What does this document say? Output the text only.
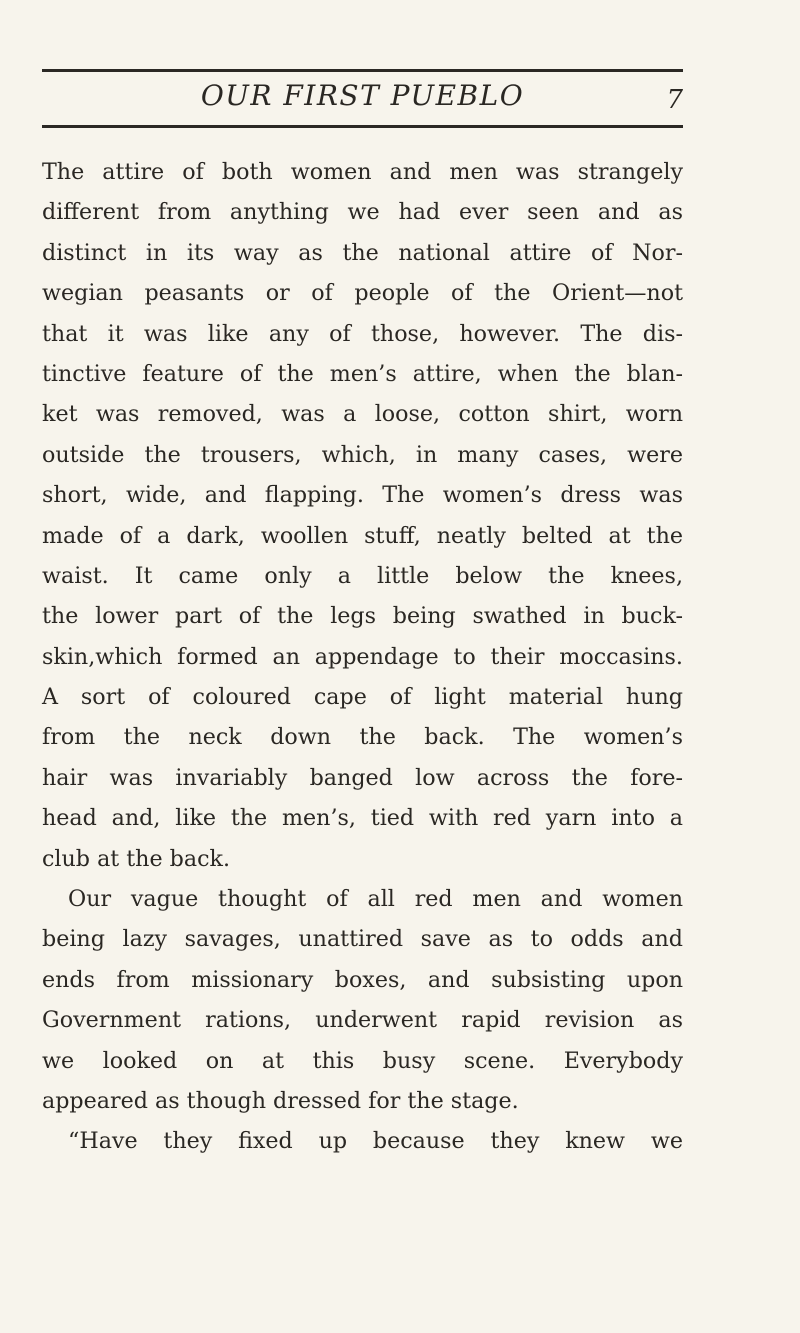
OUR FIRST PUEBLO	7
The attire of both women and men was strangely
different from anything we had ever seen and as
distinct in its way as the national attire of Nor-
wegian peasants or of people of the Orient—not
that it was like any of those, however. The dis-
tinctive feature of the men’s attire, when the blan-
ket was removed, was a loose, cotton shirt, worn
outside the trousers, which, in many cases, were
short, wide, and flapping. The women’s dress was
made of a dark, woollen stuff, neatly belted at the
waist. It came only a little below the knees,
the lower part of the legs being swathed in buck-
skin,which formed an appendage to their moccasins.
A sort of coloured cape of light material hung
from the neck down the back. The women’s
hair was invariably banged low across the fore-
head and, like the men’s, tied with red yarn into a
club at the back.
Our vague thought of all red men and women
being lazy savages, unattired save as to odds and
ends from missionary boxes, and subsisting upon
Government rations, underwent rapid revision as
we looked on at this busy scene. Everybody
appeared as though dressed for the stage.
“Have they fixed up because they knew we
